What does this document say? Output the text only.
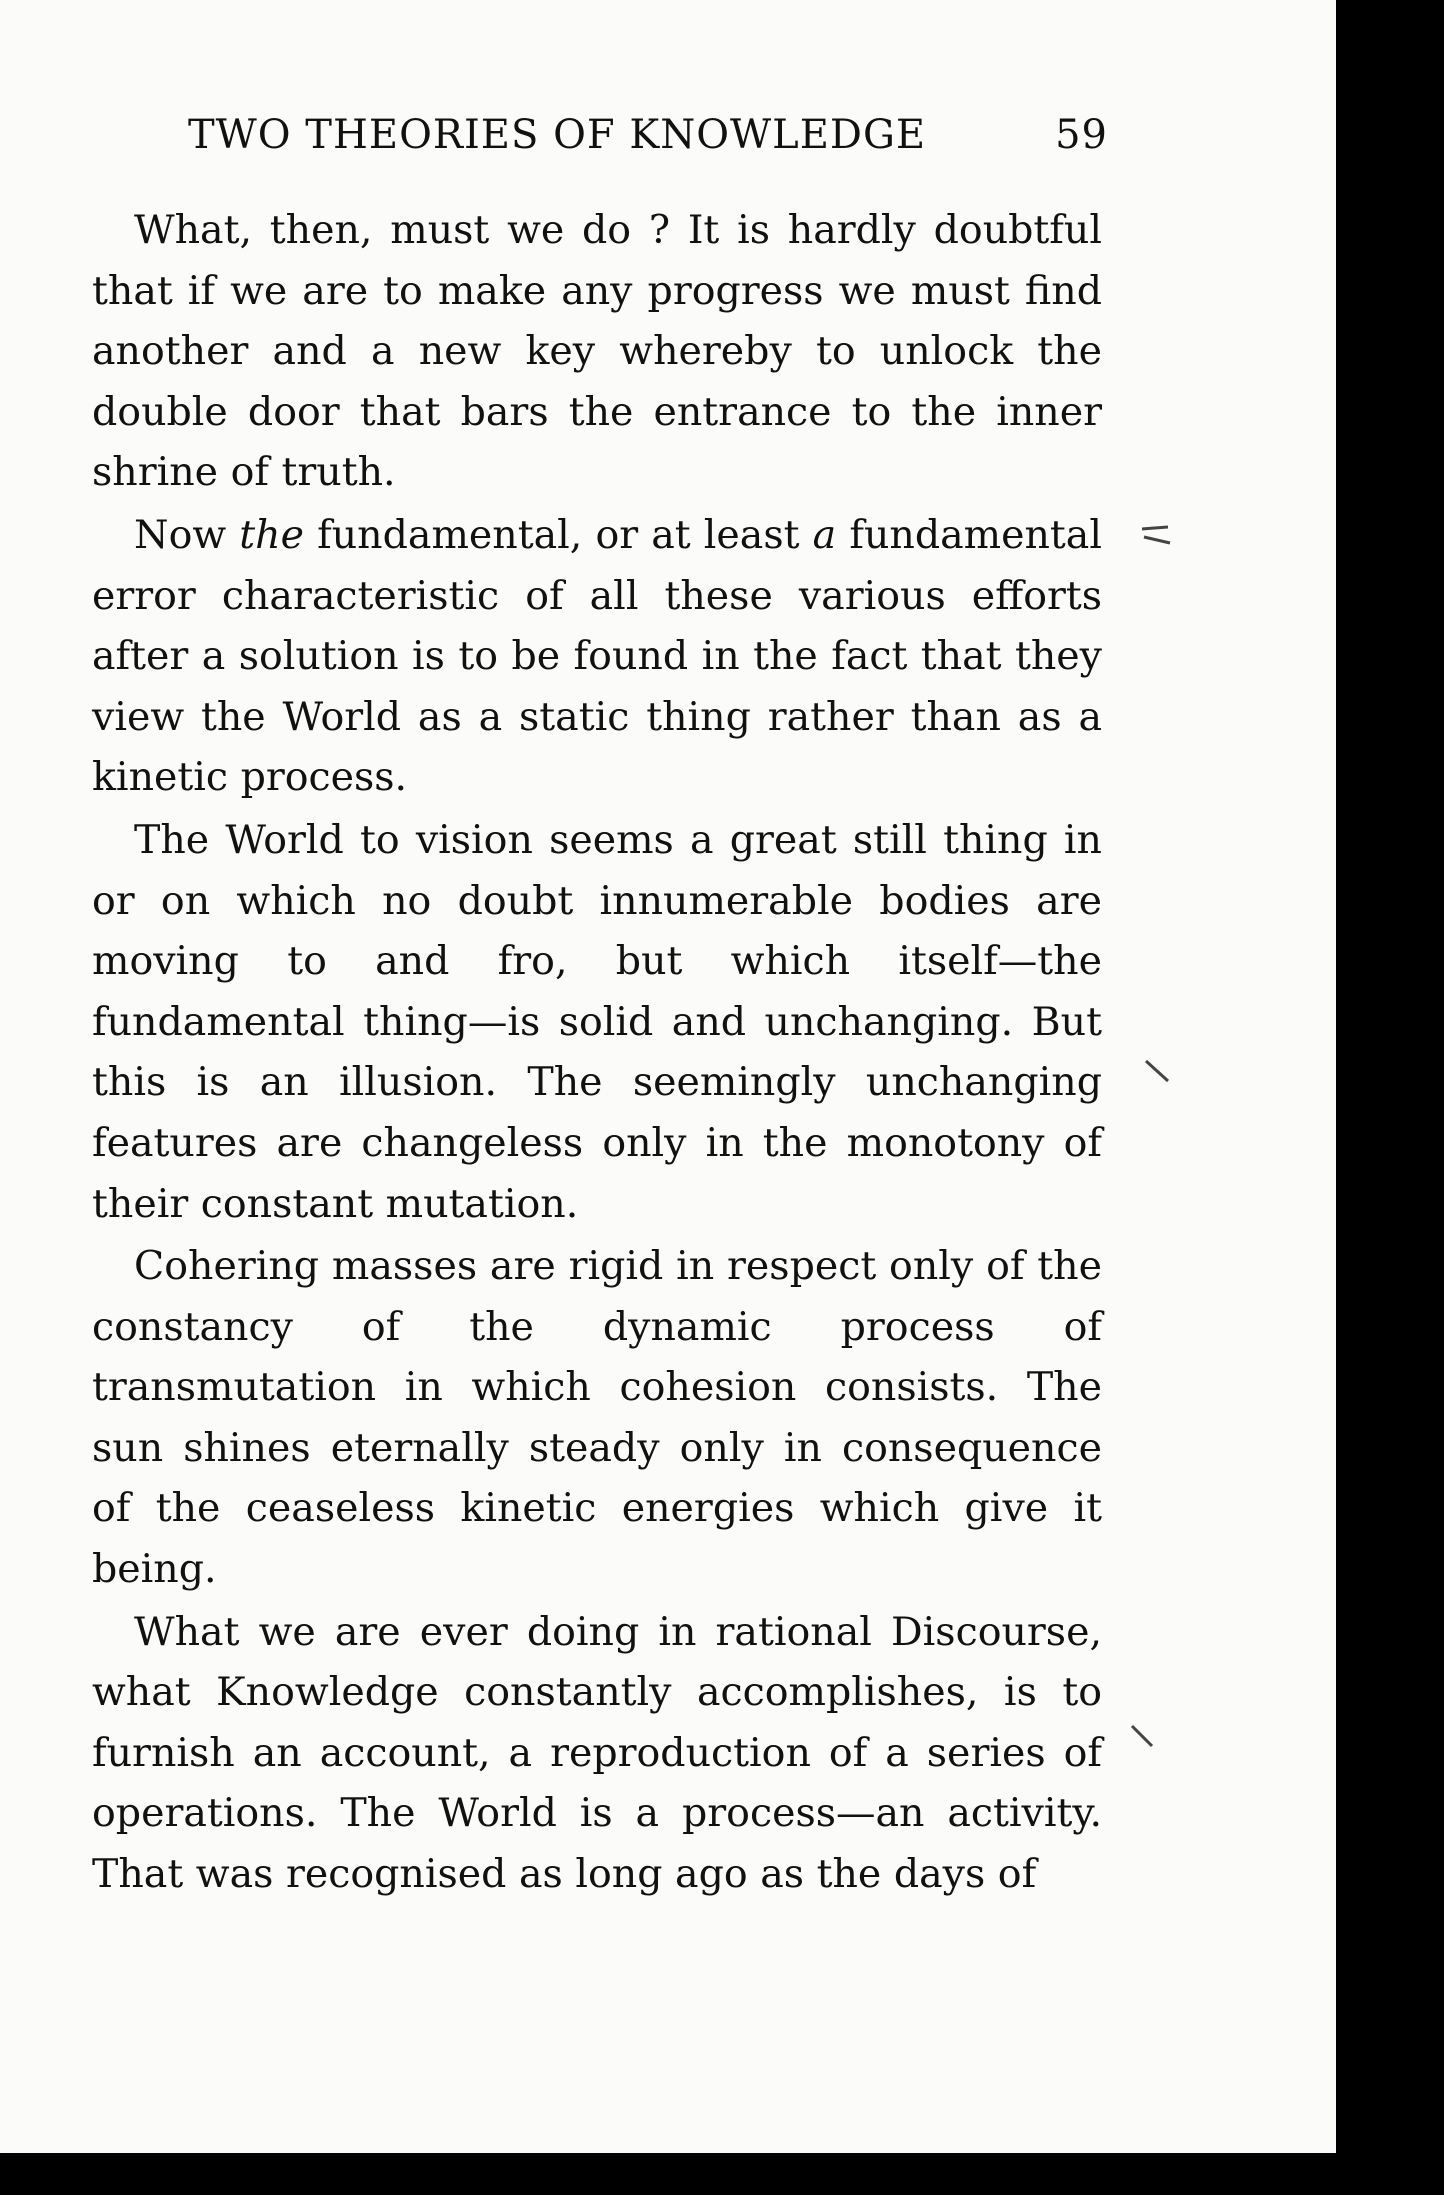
TWO THEORIES OF KNOWLEDGE	59

What, then, must we do ? It is hardly doubtful that if we are to make any progress we must find another and a new key whereby to unlock the double door that bars the entrance to the inner shrine of truth.

Now the fundamental, or at least a fundamental error characteristic of all these various efforts after a solution is to be found in the fact that they view the World as a static thing rather than as a kinetic process.

The World to vision seems a great still thing in or on which no doubt innumerable bodies are moving to and fro, but which itself—the fundamental thing—is solid and unchanging. But this is an illusion. The seemingly unchanging features are changeless only in the monotony of their constant mutation.

Cohering masses are rigid in respect only of the constancy of the dynamic process of transmutation in which cohesion consists. The sun shines eternally steady only in consequence of the ceaseless kinetic energies which give it being.

What we are ever doing in rational Discourse, what Knowledge constantly accomplishes, is to furnish an account, a reproduction of a series of operations. The World is a process—an activity. That was recognised as long ago as the days of
